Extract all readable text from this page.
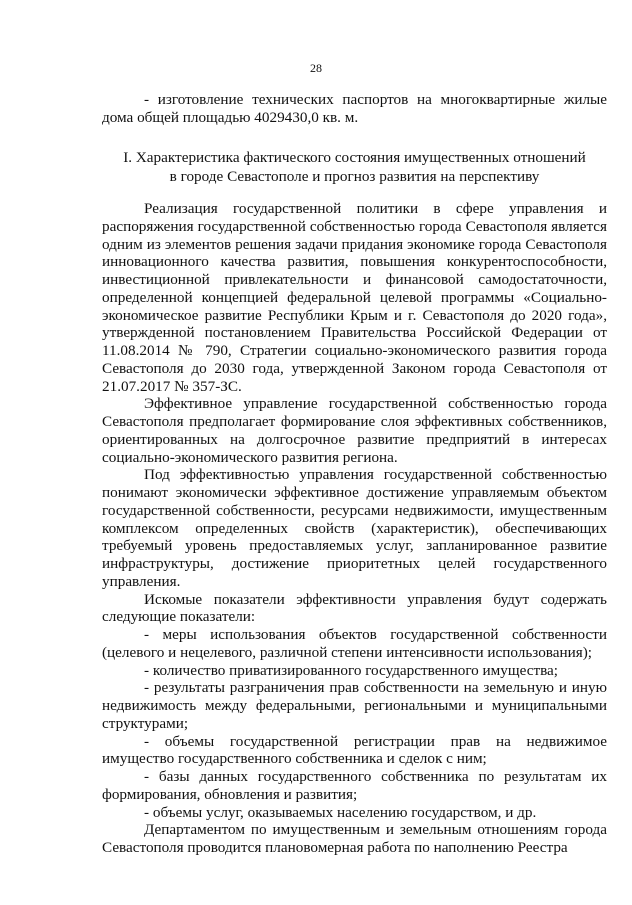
28

- изготовление технических паспортов на многоквартирные жилые дома общей площадью 4029430,0 кв. м.

I. Характеристика фактического состояния имущественных отношений
в городе Севастополе и прогноз развития на перспективу

Реализация государственной политики в сфере управления и распоряжения государственной собственностью города Севастополя является одним из элементов решения задачи придания экономике города Севастополя инновационного качества развития, повышения конкурентоспособности, инвестиционной привлекательности и финансовой самодостаточности, определенной концепцией федеральной целевой программы «Социально-экономическое развитие Республики Крым и г. Севастополя до 2020 года», утвержденной постановлением Правительства Российской Федерации от 11.08.2014 № 790, Стратегии социально-экономического развития города Севастополя до 2030 года, утвержденной Законом города Севастополя от 21.07.2017 № 357-ЗС.

Эффективное управление государственной собственностью города Севастополя предполагает формирование слоя эффективных собственников, ориентированных на долгосрочное развитие предприятий в интересах социально-экономического развития региона.

Под эффективностью управления государственной собственностью понимают экономически эффективное достижение управляемым объектом государственной собственности, ресурсами недвижимости, имущественным комплексом определенных свойств (характеристик), обеспечивающих требуемый уровень предоставляемых услуг, запланированное развитие инфраструктуры, достижение приоритетных целей государственного управления.

Искомые показатели эффективности управления будут содержать следующие показатели:

- меры использования объектов государственной собственности (целевого и нецелевого, различной степени интенсивности использования);

- количество приватизированного государственного имущества;

- результаты разграничения прав собственности на земельную и иную недвижимость между федеральными, региональными и муниципальными структурами;

- объемы государственной регистрации прав на недвижимое имущество государственного собственника и сделок с ним;

- базы данных государственного собственника по результатам их формирования, обновления и развития;

- объемы услуг, оказываемых населению государством, и др.

Департаментом по имущественным и земельным отношениям города Севастополя проводится плановомерная работа по наполнению Реестра
